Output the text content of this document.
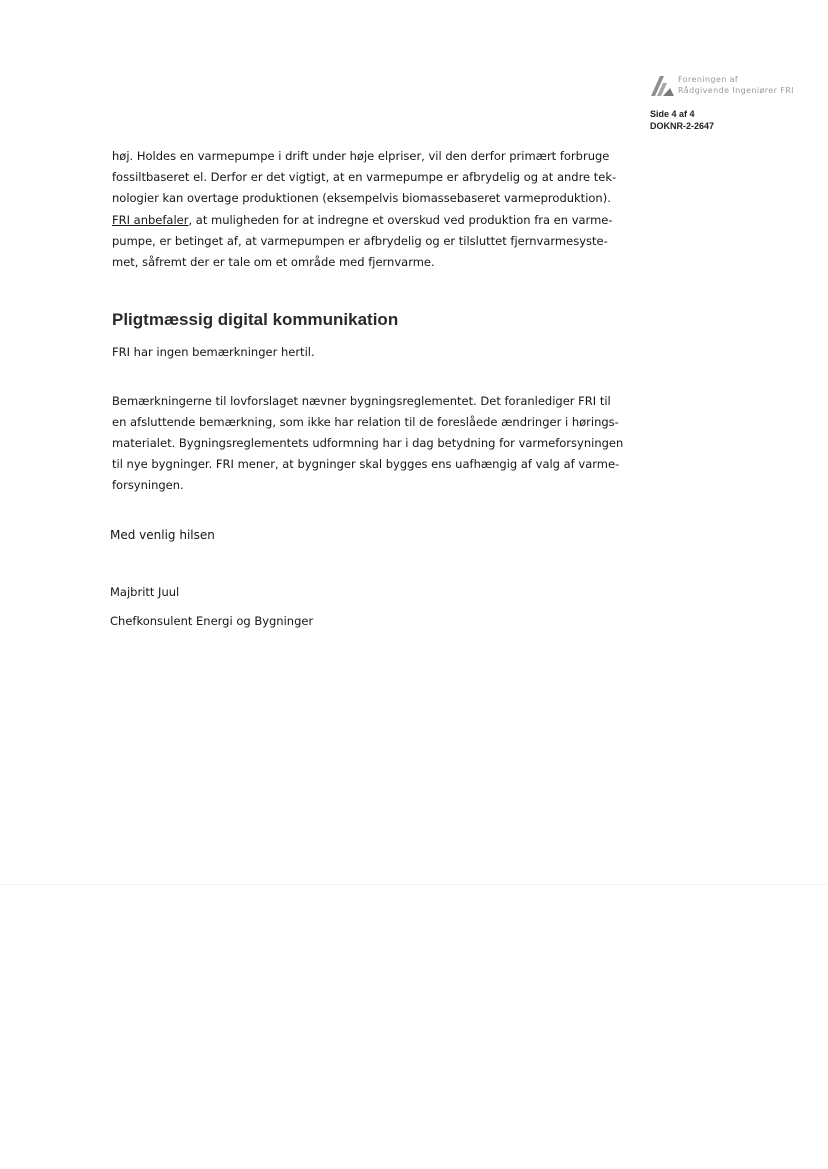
Foreningen af
Rådgivende Ingeniører FRI
Side 4 af 4
DOKNR-2-2647
høj. Holdes en varmepumpe i drift under høje elpriser, vil den derfor primært forbruge
fossiltbaseret el. Derfor er det vigtigt, at en varmepumpe er afbrydelig og at andre tek-
nologier kan overtage produktionen (eksempelvis biomassebaseret varmeproduktion).
FRI anbefaler, at muligheden for at indregne et overskud ved produktion fra en varme-
pumpe, er betinget af, at varmepumpen er afbrydelig og er tilsluttet fjernvarmesyste-
met, såfremt der er tale om et område med fjernvarme.
Pligtmæssig digital kommunikation
FRI har ingen bemærkninger hertil.
Bemærkningerne til lovforslaget nævner bygningsreglementet. Det foranlediger FRI til
en afsluttende bemærkning, som ikke har relation til de foreslåede ændringer i hørings-
materialet. Bygningsreglementets udformning har i dag betydning for varmeforsyningen
til nye bygninger. FRI mener, at bygninger skal bygges ens uafhængig af valg af varme-
forsyningen.
Med venlig hilsen
Majbritt Juul
Chefkonsulent Energi og Bygninger
